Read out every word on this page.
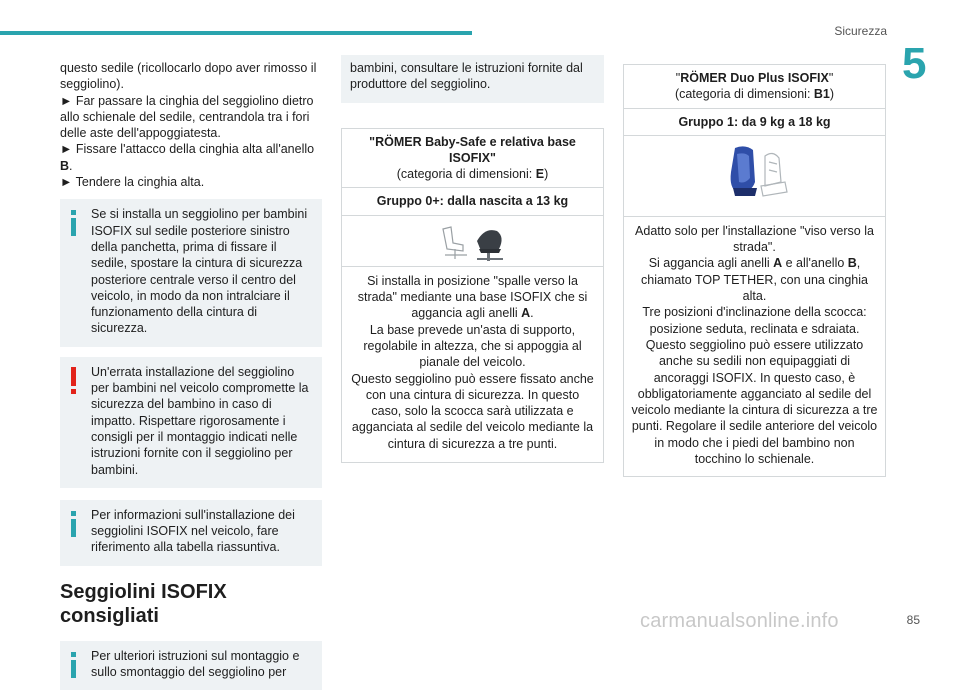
Sicurezza
5

questo sedile (ricollocarlo dopo aver rimosso il seggiolino).

► Far passare la cinghia del seggiolino dietro allo schienale del sedile, centrandola tra i fori delle aste dell'appoggiatesta.

► Fissare l'attacco della cinghia alta all'anello B.

► Tendere la cinghia alta.

Se si installa un seggiolino per bambini ISOFIX sul sedile posteriore sinistro della panchetta, prima di fissare il sedile, spostare la cintura di sicurezza posteriore centrale verso il centro del veicolo, in modo da non intralciare il funzionamento della cintura di sicurezza.

Un'errata installazione del seggiolino per bambini nel veicolo compromette la sicurezza del bambino in caso di impatto. Rispettare rigorosamente i consigli per il montaggio indicati nelle istruzioni fornite con il seggiolino per bambini.

Per informazioni sull'installazione dei seggiolini ISOFIX nel veicolo, fare riferimento alla tabella riassuntiva.

Seggiolini ISOFIX consigliati

Per ulteriori istruzioni sul montaggio e sullo smontaggio del seggiolino per

bambini, consultare le istruzioni fornite dal produttore del seggiolino.

"RÖMER Baby-Safe e relativa base ISOFIX"
(categoria di dimensioni: E)
Gruppo 0+: dalla nascita a 13 kg

Si installa in posizione "spalle verso la strada" mediante una base ISOFIX che si aggancia agli anelli A.

La base prevede un'asta di supporto, regolabile in altezza, che si appoggia al pianale del veicolo.

Questo seggiolino può essere fissato anche con una cintura di sicurezza. In questo caso, solo la scocca sarà utilizzata e agganciata al sedile del veicolo mediante la cintura di sicurezza a tre punti.

"RÖMER Duo Plus ISOFIX"
(categoria di dimensioni: B1)
Gruppo 1: da 9 kg a 18 kg

Adatto solo per l'installazione "viso verso la strada".

Si aggancia agli anelli A e all'anello B, chiamato TOP TETHER, con una cinghia alta.

Tre posizioni d'inclinazione della scocca: posizione seduta, reclinata e sdraiata.

Questo seggiolino può essere utilizzato anche su sedili non equipaggiati di ancoraggi ISOFIX. In questo caso, è obbligatoriamente agganciato al sedile del veicolo mediante la cintura di sicurezza a tre punti. Regolare il sedile anteriore del veicolo in modo che i piedi del bambino non tocchino lo schienale.

carmanualsonline.info	85
